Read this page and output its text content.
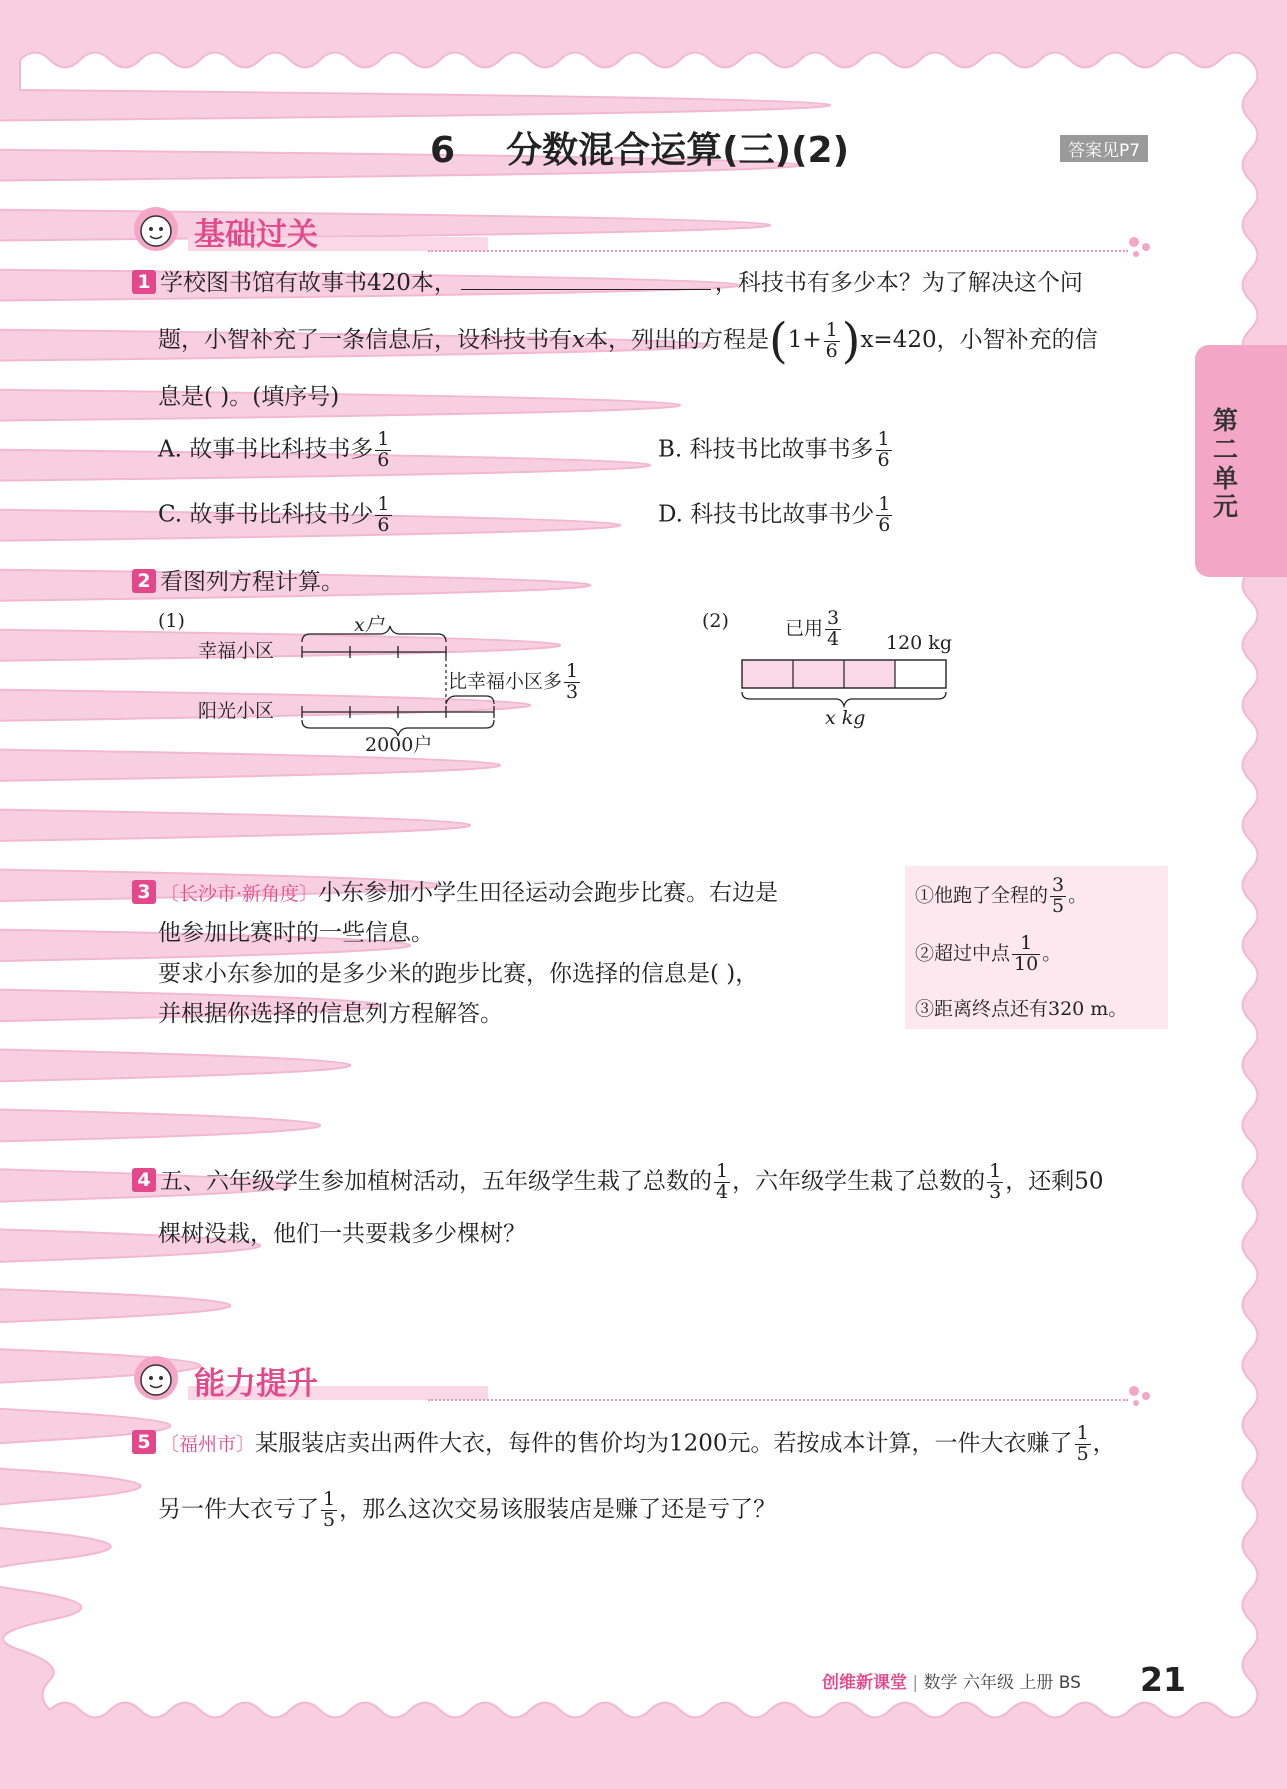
6 分数混合运算(三)(2)	答案见P7
第二单元
基础过关
1 学校图书馆有故事书420本，	，科技书有多少本？为了解决这个问
题，小智补充了一条信息后，设科技书有x本，列出的方程是$(1+ \frac{1}{6} )x=420$，小智补充的信
息是( )。(填序号)
A. 故事书比科技书多 $\frac{1}{6}$	B. 科技书比故事书多 $\frac{1}{6}$
C. 故事书比科技书少 $\frac{1}{6}$	D. 科技书比故事书少 $\frac{1}{6}$
2 看图列方程计算。
(1)
幸福小区
阳光小区
x户
2000户
比幸福小区多 $\frac{1}{3}$
(2)	已用 $\frac{3}{4} 120$ kg
x kg
3 〔长沙市·新角度〕小东参加小学生田径运动会跑步比赛。右边是
他参加比赛时的一些信息。
要求小东参加的是多少米的跑步比赛，你选择的信息是( )，
并根据你选择的信息列方程解答。
①他跑了全程的 $\frac{3}{5}$ 。
②超过中点 $\frac{1}{10}$ 。
③距离终点还有320 m。
4 五、六年级学生参加植树活动，五年级学生栽了总数的 $\frac{1}{4}$ ，六年级学生栽了总数的 $\frac{1}{3}$ ，还剩50
棵树没栽，他们一共要栽多少棵树？
能力提升
5 〔福州市〕某服装店卖出两件大衣，每件的售价均为1200元。若按成本计算，一件大衣赚了 $\frac{1}{5}$ ，
另一件大衣亏了 $\frac{1}{5}$ ，那么这次交易该服装店是赚了还是亏了？
创维新课堂 | 数学 六年级 上册 BS 21
